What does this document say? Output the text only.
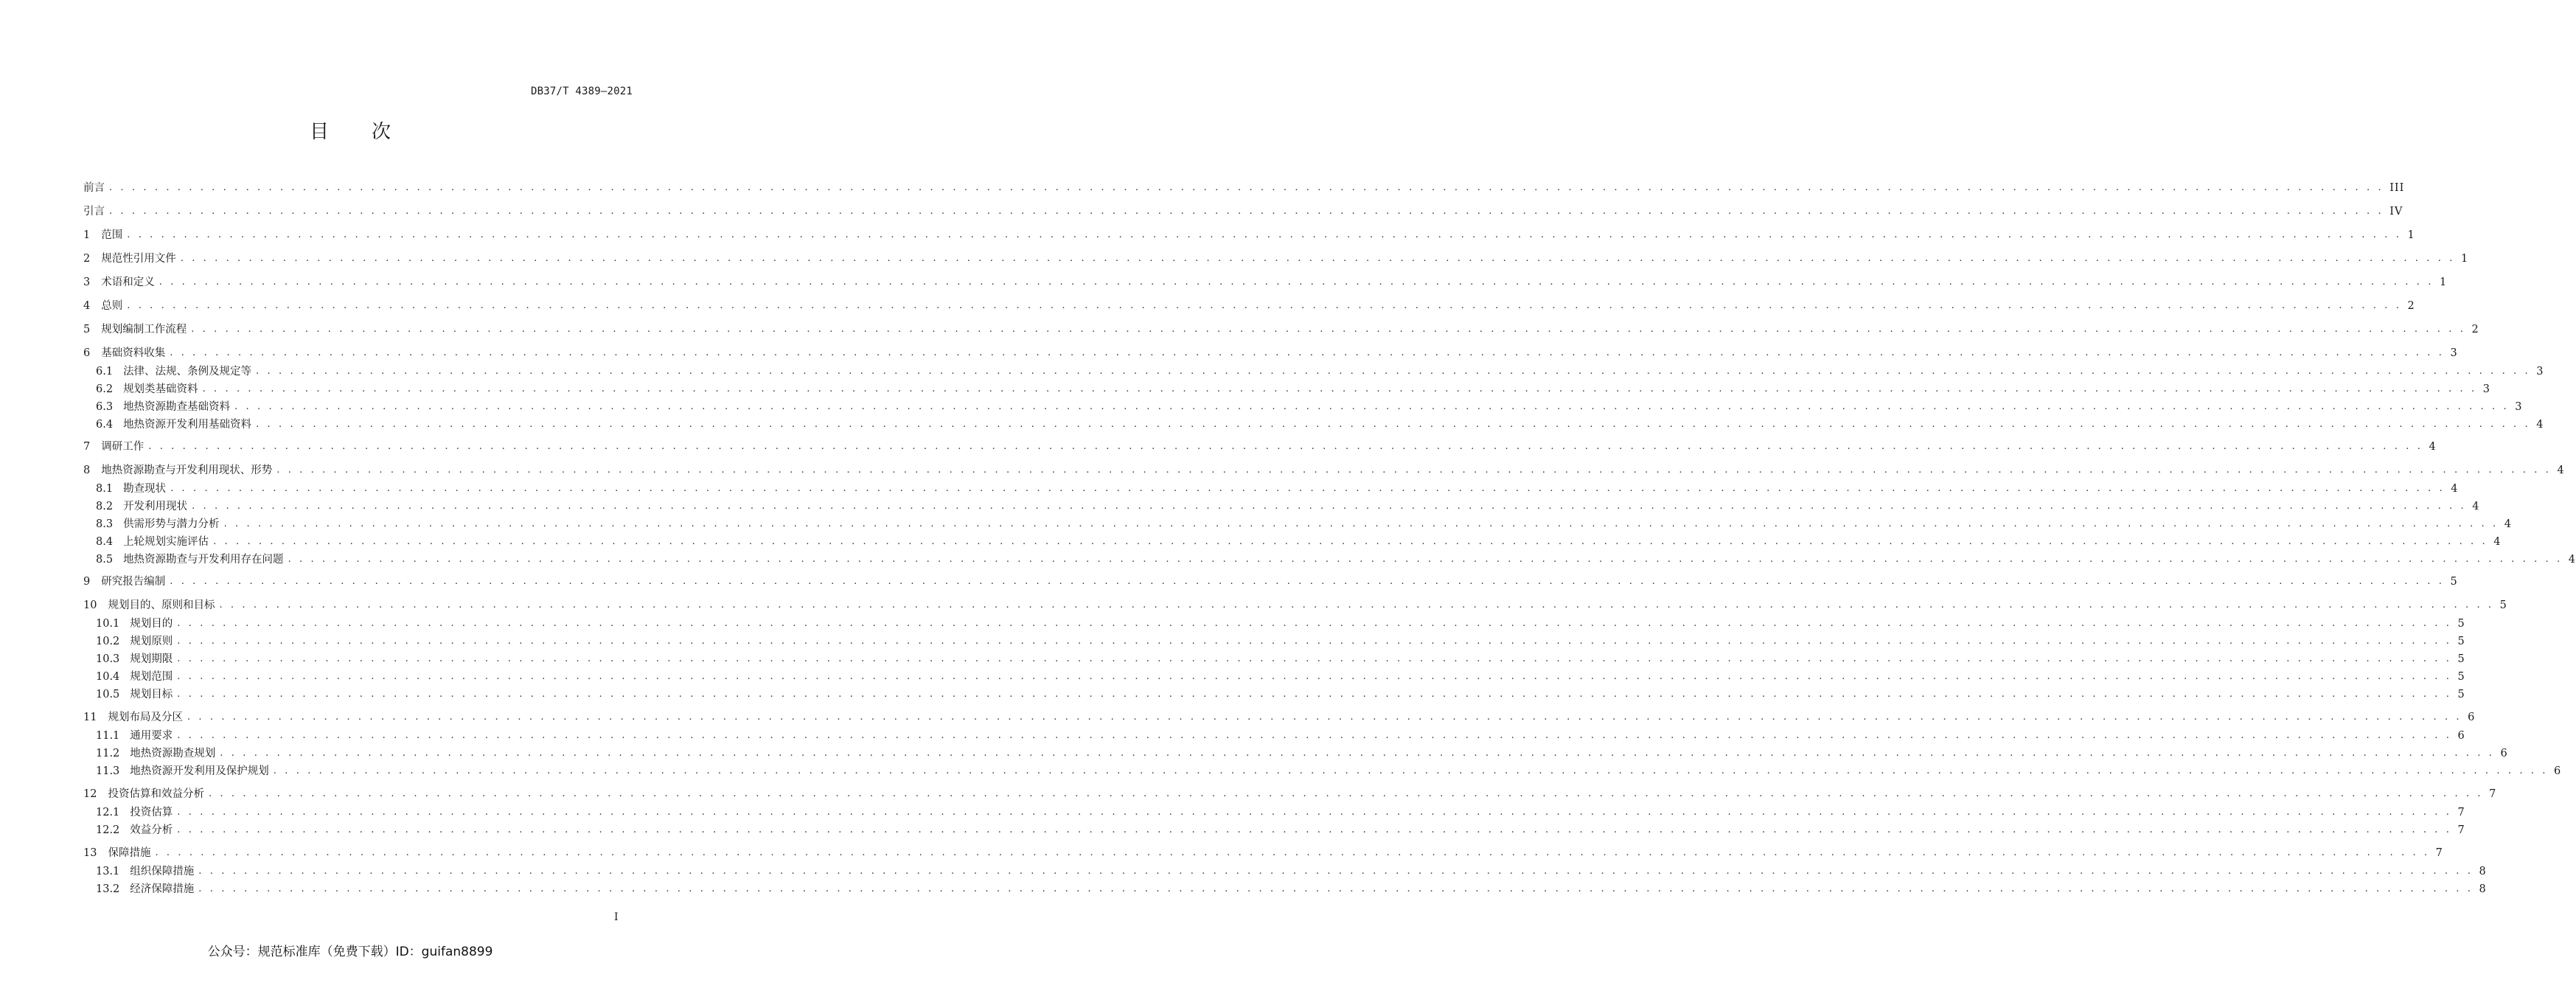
DB37/T 4389—2021
目次
前言 . . . . . . . . . . . . . . . . . . . . . . . . . . . . . . . . . . . . . . . . . . . . . . . . . . . . . . . . . . . . . . . . . . . . . . . . . . . . . . . . . . . . . . . . . . . . . . . . . . . . . . . . . . . . . . . . . . . . . . . . . . . . . . . . . . . . . . . . . . . . . . . . . . . . . . . . . . . . . . . . . . . . . . . . . . . . . . . . . . . . . . . . . . . . . . . . . . . . . . . . III
引言 . . . . . . . . . . . . . . . . . . . . . . . . . . . . . . . . . . . . . . . . . . . . . . . . . . . . . . . . . . . . . . . . . . . . . . . . . . . . . . . . . . . . . . . . . . . . . . . . . . . . . . . . . . . . . . . . . . . . . . . . . . . . . . . . . . . . . . . . . . . . . . . . . . . . . . . . . . . . . . . . . . . . . . . . . . . . . . . . . . . . . . . . . . . . . . . . . . . . . . . . IV
1 范围 . . . . . . . . . . . . . . . . . . . . . . . . . . . . . . . . . . . . . . . . . . . . . . . . . . . . . . . . . . . . . . . . . . . . . . . . . . . . . . . . . . . . . . . . . . . . . . . . . . . . . . . . . . . . . . . . . . . . . . . . . . . . . . . . . . . . . . . . . . . . . . . . . . . . . . . . . . . . . . . . . . . . . . . . . . . . . . . . . . . . . . . . . . . . . . . . . . . . . . . . 1
2 规范性引用文件 . . . . . . . . . . . . . . . . . . . . . . . . . . . . . . . . . . . . . . . . . . . . . . . . . . . . . . . . . . . . . . . . . . . . . . . . . . . . . . . . . . . . . . . . . . . . . . . . . . . . . . . . . . . . . . . . . . . . . . . . . . . . . . . . . . . . . . . . . . . . . . . . . . . . . . . . . . . . . . . . . . . . . . . . . . . . . . . . . . . . . . . . . . . . . . . . . . . . . . . . 1
3 术语和定义 . . . . . . . . . . . . . . . . . . . . . . . . . . . . . . . . . . . . . . . . . . . . . . . . . . . . . . . . . . . . . . . . . . . . . . . . . . . . . . . . . . . . . . . . . . . . . . . . . . . . . . . . . . . . . . . . . . . . . . . . . . . . . . . . . . . . . . . . . . . . . . . . . . . . . . . . . . . . . . . . . . . . . . . . . . . . . . . . . . . . . . . . . . . . . . . . . . . . . . . . 1
4 总则 . . . . . . . . . . . . . . . . . . . . . . . . . . . . . . . . . . . . . . . . . . . . . . . . . . . . . . . . . . . . . . . . . . . . . . . . . . . . . . . . . . . . . . . . . . . . . . . . . . . . . . . . . . . . . . . . . . . . . . . . . . . . . . . . . . . . . . . . . . . . . . . . . . . . . . . . . . . . . . . . . . . . . . . . . . . . . . . . . . . . . . . . . . . . . . . . . . . . . . . . 2
5 规划编制工作流程 . . . . . . . . . . . . . . . . . . . . . . . . . . . . . . . . . . . . . . . . . . . . . . . . . . . . . . . . . . . . . . . . . . . . . . . . . . . . . . . . . . . . . . . . . . . . . . . . . . . . . . . . . . . . . . . . . . . . . . . . . . . . . . . . . . . . . . . . . . . . . . . . . . . . . . . . . . . . . . . . . . . . . . . . . . . . . . . . . . . . . . . . . . . . . . . . . . . . . . . . 2
6 基础资料收集 . . . . . . . . . . . . . . . . . . . . . . . . . . . . . . . . . . . . . . . . . . . . . . . . . . . . . . . . . . . . . . . . . . . . . . . . . . . . . . . . . . . . . . . . . . . . . . . . . . . . . . . . . . . . . . . . . . . . . . . . . . . . . . . . . . . . . . . . . . . . . . . . . . . . . . . . . . . . . . . . . . . . . . . . . . . . . . . . . . . . . . . . . . . . . . . . . . . . . . . . 3
6.1 法律、法规、条例及规定等 . . . . . . . . . . . . . . . . . . . . . . . . . . . . . . . . . . . . . . . . . . . . . . . . . . . . . . . . . . . . . . . . . . . . . . . . . . . . . . . . . . . . . . . . . . . . . . . . . . . . . . . . . . . . . . . . . . . . . . . . . . . . . . . . . . . . . . . . . . . . . . . . . . . . . . . . . . . . . . . . . . . . . . . . . . . . . . . . . . . . . . . . . . . . . . . . . . . . . . . . 3
6.2 规划类基础资料 . . . . . . . . . . . . . . . . . . . . . . . . . . . . . . . . . . . . . . . . . . . . . . . . . . . . . . . . . . . . . . . . . . . . . . . . . . . . . . . . . . . . . . . . . . . . . . . . . . . . . . . . . . . . . . . . . . . . . . . . . . . . . . . . . . . . . . . . . . . . . . . . . . . . . . . . . . . . . . . . . . . . . . . . . . . . . . . . . . . . . . . . . . . . . . . . . . . . . . . . 3
6.3 地热资源勘查基础资料 . . . . . . . . . . . . . . . . . . . . . . . . . . . . . . . . . . . . . . . . . . . . . . . . . . . . . . . . . . . . . . . . . . . . . . . . . . . . . . . . . . . . . . . . . . . . . . . . . . . . . . . . . . . . . . . . . . . . . . . . . . . . . . . . . . . . . . . . . . . . . . . . . . . . . . . . . . . . . . . . . . . . . . . . . . . . . . . . . . . . . . . . . . . . . . . . . . . . . . . . 3
6.4 地热资源开发利用基础资料 . . . . . . . . . . . . . . . . . . . . . . . . . . . . . . . . . . . . . . . . . . . . . . . . . . . . . . . . . . . . . . . . . . . . . . . . . . . . . . . . . . . . . . . . . . . . . . . . . . . . . . . . . . . . . . . . . . . . . . . . . . . . . . . . . . . . . . . . . . . . . . . . . . . . . . . . . . . . . . . . . . . . . . . . . . . . . . . . . . . . . . . . . . . . . . . . . . . . . . . . 4
7 调研工作 . . . . . . . . . . . . . . . . . . . . . . . . . . . . . . . . . . . . . . . . . . . . . . . . . . . . . . . . . . . . . . . . . . . . . . . . . . . . . . . . . . . . . . . . . . . . . . . . . . . . . . . . . . . . . . . . . . . . . . . . . . . . . . . . . . . . . . . . . . . . . . . . . . . . . . . . . . . . . . . . . . . . . . . . . . . . . . . . . . . . . . . . . . . . . . . . . . . . . . . . 4
8 地热资源勘查与开发利用现状、形势 . . . . . . . . . . . . . . . . . . . . . . . . . . . . . . . . . . . . . . . . . . . . . . . . . . . . . . . . . . . . . . . . . . . . . . . . . . . . . . . . . . . . . . . . . . . . . . . . . . . . . . . . . . . . . . . . . . . . . . . . . . . . . . . . . . . . . . . . . . . . . . . . . . . . . . . . . . . . . . . . . . . . . . . . . . . . . . . . . . . . . . . . . . . . . . . . . . . . . . . . 4
8.1 勘查现状 . . . . . . . . . . . . . . . . . . . . . . . . . . . . . . . . . . . . . . . . . . . . . . . . . . . . . . . . . . . . . . . . . . . . . . . . . . . . . . . . . . . . . . . . . . . . . . . . . . . . . . . . . . . . . . . . . . . . . . . . . . . . . . . . . . . . . . . . . . . . . . . . . . . . . . . . . . . . . . . . . . . . . . . . . . . . . . . . . . . . . . . . . . . . . . . . . . . . . . . . 4
8.2 开发利用现状 . . . . . . . . . . . . . . . . . . . . . . . . . . . . . . . . . . . . . . . . . . . . . . . . . . . . . . . . . . . . . . . . . . . . . . . . . . . . . . . . . . . . . . . . . . . . . . . . . . . . . . . . . . . . . . . . . . . . . . . . . . . . . . . . . . . . . . . . . . . . . . . . . . . . . . . . . . . . . . . . . . . . . . . . . . . . . . . . . . . . . . . . . . . . . . . . . . . . . . . . 4
8.3 供需形势与潜力分析 . . . . . . . . . . . . . . . . . . . . . . . . . . . . . . . . . . . . . . . . . . . . . . . . . . . . . . . . . . . . . . . . . . . . . . . . . . . . . . . . . . . . . . . . . . . . . . . . . . . . . . . . . . . . . . . . . . . . . . . . . . . . . . . . . . . . . . . . . . . . . . . . . . . . . . . . . . . . . . . . . . . . . . . . . . . . . . . . . . . . . . . . . . . . . . . . . . . . . . . . 4
8.4 上轮规划实施评估 . . . . . . . . . . . . . . . . . . . . . . . . . . . . . . . . . . . . . . . . . . . . . . . . . . . . . . . . . . . . . . . . . . . . . . . . . . . . . . . . . . . . . . . . . . . . . . . . . . . . . . . . . . . . . . . . . . . . . . . . . . . . . . . . . . . . . . . . . . . . . . . . . . . . . . . . . . . . . . . . . . . . . . . . . . . . . . . . . . . . . . . . . . . . . . . . . . . . . . . . 4
8.5 地热资源勘查与开发利用存在问题 . . . . . . . . . . . . . . . . . . . . . . . . . . . . . . . . . . . . . . . . . . . . . . . . . . . . . . . . . . . . . . . . . . . . . . . . . . . . . . . . . . . . . . . . . . . . . . . . . . . . . . . . . . . . . . . . . . . . . . . . . . . . . . . . . . . . . . . . . . . . . . . . . . . . . . . . . . . . . . . . . . . . . . . . . . . . . . . . . . . . . . . . . . . . . . . . . . . . . . . . 4
9 研究报告编制 . . . . . . . . . . . . . . . . . . . . . . . . . . . . . . . . . . . . . . . . . . . . . . . . . . . . . . . . . . . . . . . . . . . . . . . . . . . . . . . . . . . . . . . . . . . . . . . . . . . . . . . . . . . . . . . . . . . . . . . . . . . . . . . . . . . . . . . . . . . . . . . . . . . . . . . . . . . . . . . . . . . . . . . . . . . . . . . . . . . . . . . . . . . . . . . . . . . . . . . . 5
10 规划目的、原则和目标 . . . . . . . . . . . . . . . . . . . . . . . . . . . . . . . . . . . . . . . . . . . . . . . . . . . . . . . . . . . . . . . . . . . . . . . . . . . . . . . . . . . . . . . . . . . . . . . . . . . . . . . . . . . . . . . . . . . . . . . . . . . . . . . . . . . . . . . . . . . . . . . . . . . . . . . . . . . . . . . . . . . . . . . . . . . . . . . . . . . . . . . . . . . . . . . . . . . . . . . . 5
10.1 规划目的 . . . . . . . . . . . . . . . . . . . . . . . . . . . . . . . . . . . . . . . . . . . . . . . . . . . . . . . . . . . . . . . . . . . . . . . . . . . . . . . . . . . . . . . . . . . . . . . . . . . . . . . . . . . . . . . . . . . . . . . . . . . . . . . . . . . . . . . . . . . . . . . . . . . . . . . . . . . . . . . . . . . . . . . . . . . . . . . . . . . . . . . . . . . . . . . . . . . . . . . . 5
10.2 规划原则 . . . . . . . . . . . . . . . . . . . . . . . . . . . . . . . . . . . . . . . . . . . . . . . . . . . . . . . . . . . . . . . . . . . . . . . . . . . . . . . . . . . . . . . . . . . . . . . . . . . . . . . . . . . . . . . . . . . . . . . . . . . . . . . . . . . . . . . . . . . . . . . . . . . . . . . . . . . . . . . . . . . . . . . . . . . . . . . . . . . . . . . . . . . . . . . . . . . . . . . . 5
10.3 规划期限 . . . . . . . . . . . . . . . . . . . . . . . . . . . . . . . . . . . . . . . . . . . . . . . . . . . . . . . . . . . . . . . . . . . . . . . . . . . . . . . . . . . . . . . . . . . . . . . . . . . . . . . . . . . . . . . . . . . . . . . . . . . . . . . . . . . . . . . . . . . . . . . . . . . . . . . . . . . . . . . . . . . . . . . . . . . . . . . . . . . . . . . . . . . . . . . . . . . . . . . . 5
10.4 规划范围 . . . . . . . . . . . . . . . . . . . . . . . . . . . . . . . . . . . . . . . . . . . . . . . . . . . . . . . . . . . . . . . . . . . . . . . . . . . . . . . . . . . . . . . . . . . . . . . . . . . . . . . . . . . . . . . . . . . . . . . . . . . . . . . . . . . . . . . . . . . . . . . . . . . . . . . . . . . . . . . . . . . . . . . . . . . . . . . . . . . . . . . . . . . . . . . . . . . . . . . . 5
10.5 规划目标 . . . . . . . . . . . . . . . . . . . . . . . . . . . . . . . . . . . . . . . . . . . . . . . . . . . . . . . . . . . . . . . . . . . . . . . . . . . . . . . . . . . . . . . . . . . . . . . . . . . . . . . . . . . . . . . . . . . . . . . . . . . . . . . . . . . . . . . . . . . . . . . . . . . . . . . . . . . . . . . . . . . . . . . . . . . . . . . . . . . . . . . . . . . . . . . . . . . . . . . . 5
11 规划布局及分区 . . . . . . . . . . . . . . . . . . . . . . . . . . . . . . . . . . . . . . . . . . . . . . . . . . . . . . . . . . . . . . . . . . . . . . . . . . . . . . . . . . . . . . . . . . . . . . . . . . . . . . . . . . . . . . . . . . . . . . . . . . . . . . . . . . . . . . . . . . . . . . . . . . . . . . . . . . . . . . . . . . . . . . . . . . . . . . . . . . . . . . . . . . . . . . . . . . . . . . . . 6
11.1 通用要求 . . . . . . . . . . . . . . . . . . . . . . . . . . . . . . . . . . . . . . . . . . . . . . . . . . . . . . . . . . . . . . . . . . . . . . . . . . . . . . . . . . . . . . . . . . . . . . . . . . . . . . . . . . . . . . . . . . . . . . . . . . . . . . . . . . . . . . . . . . . . . . . . . . . . . . . . . . . . . . . . . . . . . . . . . . . . . . . . . . . . . . . . . . . . . . . . . . . . . . . . 6
11.2 地热资源勘查规划 . . . . . . . . . . . . . . . . . . . . . . . . . . . . . . . . . . . . . . . . . . . . . . . . . . . . . . . . . . . . . . . . . . . . . . . . . . . . . . . . . . . . . . . . . . . . . . . . . . . . . . . . . . . . . . . . . . . . . . . . . . . . . . . . . . . . . . . . . . . . . . . . . . . . . . . . . . . . . . . . . . . . . . . . . . . . . . . . . . . . . . . . . . . . . . . . . . . . . . . . 6
11.3 地热资源开发利用及保护规划 . . . . . . . . . . . . . . . . . . . . . . . . . . . . . . . . . . . . . . . . . . . . . . . . . . . . . . . . . . . . . . . . . . . . . . . . . . . . . . . . . . . . . . . . . . . . . . . . . . . . . . . . . . . . . . . . . . . . . . . . . . . . . . . . . . . . . . . . . . . . . . . . . . . . . . . . . . . . . . . . . . . . . . . . . . . . . . . . . . . . . . . . . . . . . . . . . . . . . . . . 6
12 投资估算和效益分析 . . . . . . . . . . . . . . . . . . . . . . . . . . . . . . . . . . . . . . . . . . . . . . . . . . . . . . . . . . . . . . . . . . . . . . . . . . . . . . . . . . . . . . . . . . . . . . . . . . . . . . . . . . . . . . . . . . . . . . . . . . . . . . . . . . . . . . . . . . . . . . . . . . . . . . . . . . . . . . . . . . . . . . . . . . . . . . . . . . . . . . . . . . . . . . . . . . . . . . . . 7
12.1 投资估算 . . . . . . . . . . . . . . . . . . . . . . . . . . . . . . . . . . . . . . . . . . . . . . . . . . . . . . . . . . . . . . . . . . . . . . . . . . . . . . . . . . . . . . . . . . . . . . . . . . . . . . . . . . . . . . . . . . . . . . . . . . . . . . . . . . . . . . . . . . . . . . . . . . . . . . . . . . . . . . . . . . . . . . . . . . . . . . . . . . . . . . . . . . . . . . . . . . . . . . . . 7
12.2 效益分析 . . . . . . . . . . . . . . . . . . . . . . . . . . . . . . . . . . . . . . . . . . . . . . . . . . . . . . . . . . . . . . . . . . . . . . . . . . . . . . . . . . . . . . . . . . . . . . . . . . . . . . . . . . . . . . . . . . . . . . . . . . . . . . . . . . . . . . . . . . . . . . . . . . . . . . . . . . . . . . . . . . . . . . . . . . . . . . . . . . . . . . . . . . . . . . . . . . . . . . . . 7
13 保障措施 . . . . . . . . . . . . . . . . . . . . . . . . . . . . . . . . . . . . . . . . . . . . . . . . . . . . . . . . . . . . . . . . . . . . . . . . . . . . . . . . . . . . . . . . . . . . . . . . . . . . . . . . . . . . . . . . . . . . . . . . . . . . . . . . . . . . . . . . . . . . . . . . . . . . . . . . . . . . . . . . . . . . . . . . . . . . . . . . . . . . . . . . . . . . . . . . . . . . . . . . 7
13.1 组织保障措施 . . . . . . . . . . . . . . . . . . . . . . . . . . . . . . . . . . . . . . . . . . . . . . . . . . . . . . . . . . . . . . . . . . . . . . . . . . . . . . . . . . . . . . . . . . . . . . . . . . . . . . . . . . . . . . . . . . . . . . . . . . . . . . . . . . . . . . . . . . . . . . . . . . . . . . . . . . . . . . . . . . . . . . . . . . . . . . . . . . . . . . . . . . . . . . . . . . . . . . . . 8
13.2 经济保障措施 . . . . . . . . . . . . . . . . . . . . . . . . . . . . . . . . . . . . . . . . . . . . . . . . . . . . . . . . . . . . . . . . . . . . . . . . . . . . . . . . . . . . . . . . . . . . . . . . . . . . . . . . . . . . . . . . . . . . . . . . . . . . . . . . . . . . . . . . . . . . . . . . . . . . . . . . . . . . . . . . . . . . . . . . . . . . . . . . . . . . . . . . . . . . . . . . . . . . . . . . 8
I
公众号：规范标准库（免费下载）ID：guifan8899
